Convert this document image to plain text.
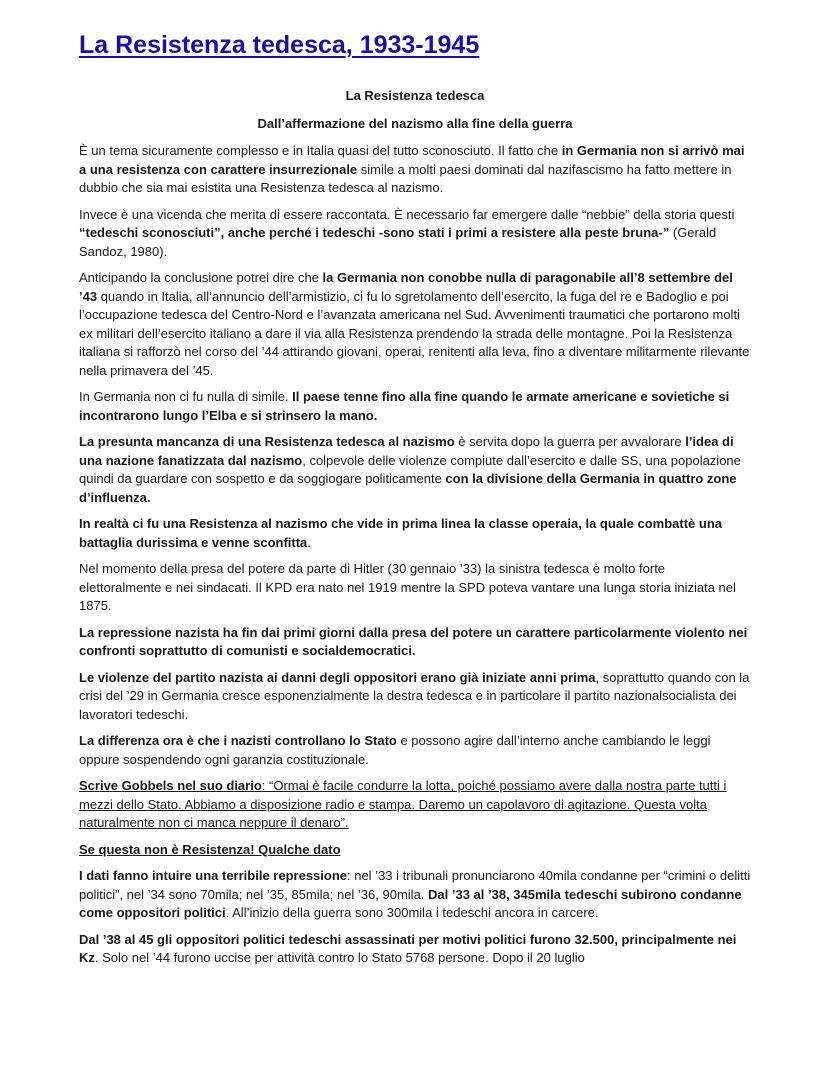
La Resistenza tedesca, 1933-1945
La Resistenza tedesca
Dall’affermazione del nazismo alla fine della guerra

È un tema sicuramente complesso e in Italia quasi del tutto sconosciuto. Il fatto che in Germania non si arrivò mai a una resistenza con carattere insurrezionale simile a molti paesi dominati dal nazifascismo ha fatto mettere in dubbio che sia mai esistita una Resistenza tedesca al nazismo.

Invece è una vicenda che merita di essere raccontata. È necessario far emergere dalle “nebbie” della storia questi “tedeschi sconosciuti”, anche perché i tedeschi -sono stati i primi a resistere alla peste bruna-” (Gerald Sandoz, 1980).

Anticipando la conclusione potrei dire che la Germania non conobbe nulla di paragonabile all’8 settembre del ’43 quando in Italia, all’annuncio dell’armistizio, ci fu lo sgretolamento dell’esercito, la fuga del re e Badoglio e poi l’occupazione tedesca del Centro-Nord e l’avanzata americana nel Sud. Avvenimenti traumatici che portarono molti ex militari dell’esercito italiano a dare il via alla Resistenza prendendo la strada delle montagne. Poi la Resistenza italiana si rafforzò nel corso del ’44 attirando giovani, operai, renitenti alla leva, fino a diventare militarmente rilevante nella primavera del ’45.

In Germania non ci fu nulla di simile. Il paese tenne fino alla fine quando le armate americane e sovietiche si incontrarono lungo l’Elba e si strinsero la mano.

La presunta mancanza di una Resistenza tedesca al nazismo è servita dopo la guerra per avvalorare l’idea di una nazione fanatizzata dal nazismo, colpevole delle violenze compiute dall’esercito e dalle SS, una popolazione quindi da guardare con sospetto e da soggiogare politicamente con la divisione della Germania in quattro zone d’influenza.

In realtà ci fu una Resistenza al nazismo che vide in prima linea la classe operaia, la quale combattè una battaglia durissima e venne sconfitta.

Nel momento della presa del potere da parte di Hitler (30 gennaio ’33) la sinistra tedesca è molto forte elettoralmente e nei sindacati. Il KPD era nato nel 1919 mentre la SPD poteva vantare una lunga storia iniziata nel 1875.

La repressione nazista ha fin dai primi giorni dalla presa del potere un carattere particolarmente violento nei confronti soprattutto di comunisti e socialdemocratici.

Le violenze del partito nazista ai danni degli oppositori erano già iniziate anni prima, soprattutto quando con la crisi del ’29 in Germania cresce esponenzialmente la destra tedesca e in particolare il partito nazionalsocialista dei lavoratori tedeschi.

La differenza ora è che i nazisti controllano lo Stato e possono agire dall’interno anche cambiando le leggi oppure sospendendo ogni garanzia costituzionale.

Scrive Gobbels nel suo diario: “Ormai è facile condurre la lotta, poiché possiamo avere dalla nostra parte tutti i mezzi dello Stato. Abbiamo a disposizione radio e stampa. Daremo un capolavoro di agitazione. Questa volta naturalmente non ci manca neppure il denaro”.

Se questa non è Resistenza! Qualche dato

I dati fanno intuire una terribile repressione: nel ’33 i tribunali pronunciarono 40mila condanne per “crimini o delitti politici”, nel ’34 sono 70mila; nel ’35, 85mila; nel ’36, 90mila. Dal ’33 al ’38, 345mila tedeschi subirono condanne come oppositori politici. All’inizio della guerra sono 300mila i tedeschi ancora in carcere.

Dal ’38 al 45 gli oppositori politici tedeschi assassinati per motivi politici furono 32.500, principalmente nei Kz. Solo nel ’44 furono uccise per attività contro lo Stato 5768 persone. Dopo il 20 luglio
